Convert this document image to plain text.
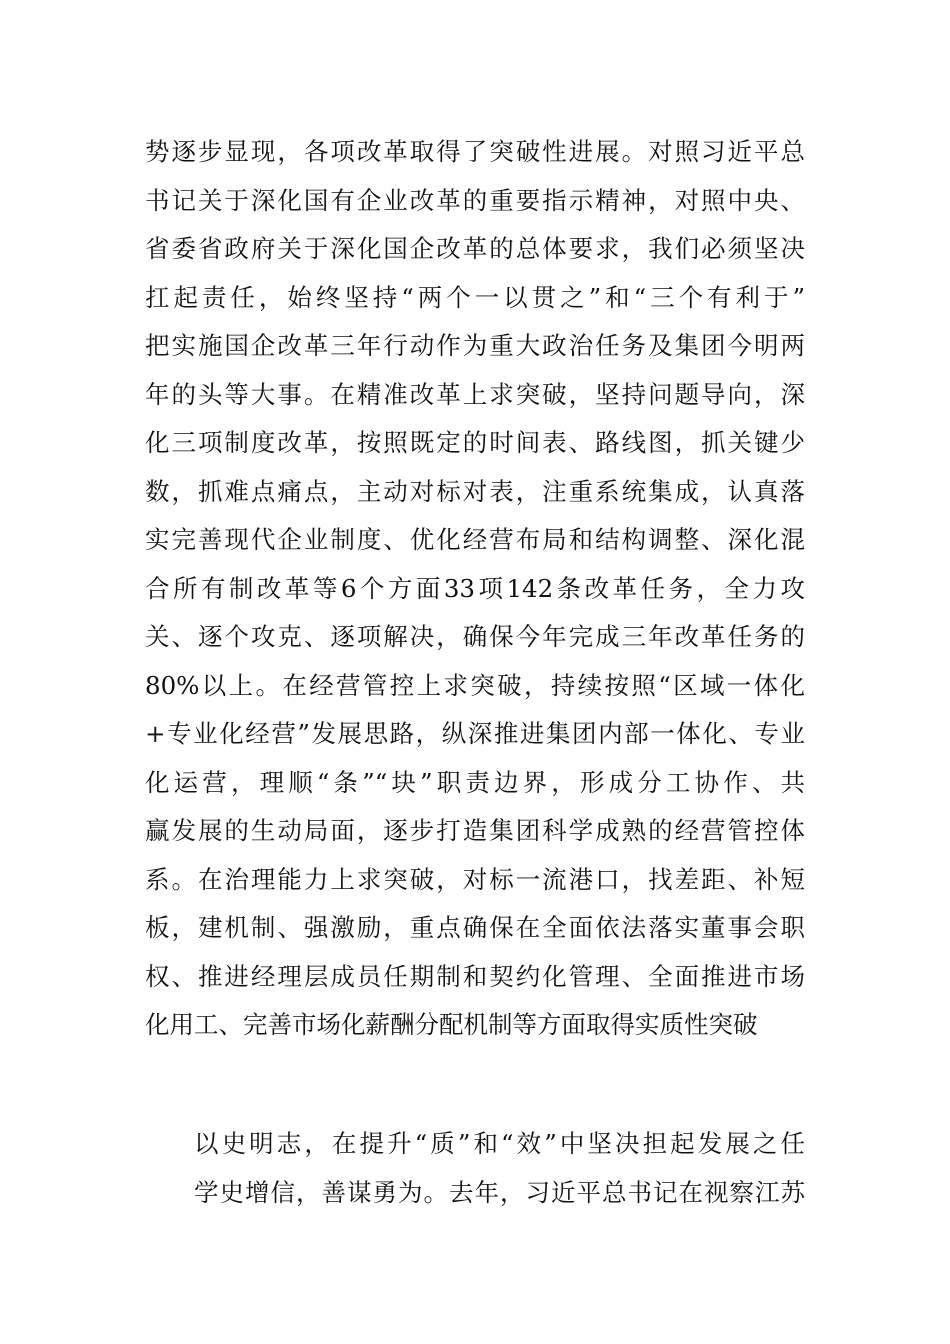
势逐步显现，各项改革取得了突破性进展。对照习近平总
书记关于深化国有企业改革的重要指示精神，对照中央、
省委省政府关于深化国企改革的总体要求，我们必须坚决
扛起责任，始终坚持“两个一以贯之”和“三个有利于”
把实施国企改革三年行动作为重大政治任务及集团今明两
年的头等大事。在精准改革上求突破，坚持问题导向，深
化三项制度改革，按照既定的时间表、路线图，抓关键少
数，抓难点痛点，主动对标对表，注重系统集成，认真落
实完善现代企业制度、优化经营布局和结构调整、深化混
合所有制改革等6个方面33项142条改革任务，全力攻
关、逐个攻克、逐项解决，确保今年完成三年改革任务的
80%以上。在经营管控上求突破，持续按照“区域一体化
+专业化经营”发展思路，纵深推进集团内部一体化、专业
化运营，理顺“条”“块”职责边界，形成分工协作、共
赢发展的生动局面，逐步打造集团科学成熟的经营管控体
系。在治理能力上求突破，对标一流港口，找差距、补短
板，建机制、强激励，重点确保在全面依法落实董事会职
权、推进经理层成员任期制和契约化管理、全面推进市场
化用工、完善市场化薪酬分配机制等方面取得实质性突破
以史明志，在提升“质”和“效”中坚决担起发展之任
学史增信，善谋勇为。去年，习近平总书记在视察江苏
